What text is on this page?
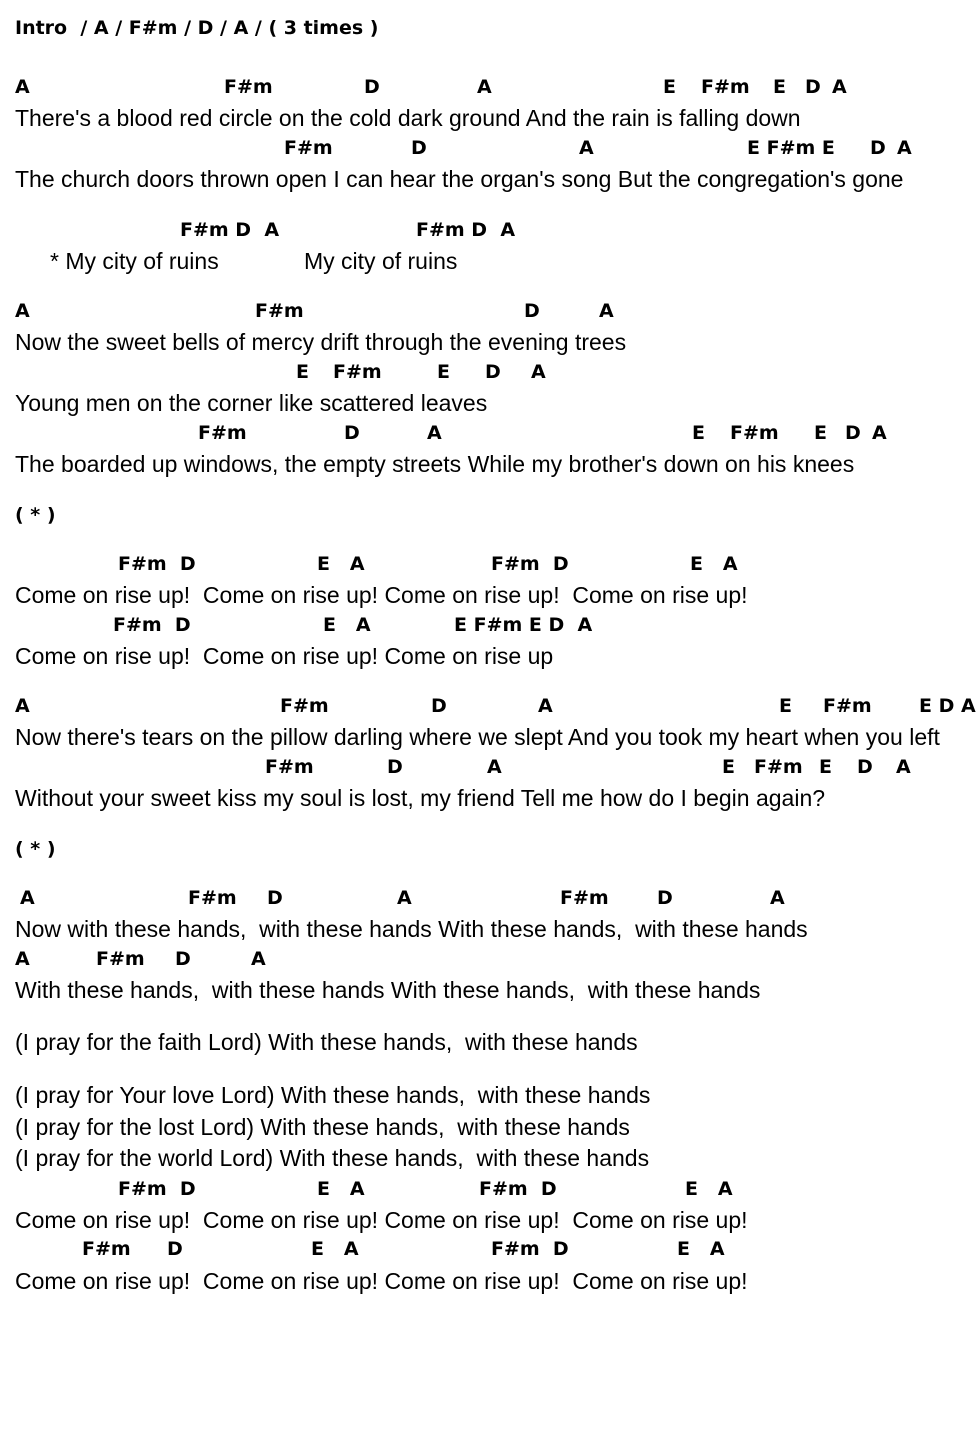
Intro  / A / F#m / D / A / ( 3 times )
A	F#m	D	A	E F#m E D A
There's a blood red circle on the cold dark ground And the rain is falling down
F#m	D	A	E F#m E D A
The church doors thrown open I can hear the organ's song But the congregation's gone
F#m D  A	F#m D  A
* My city of ruins	My city of ruins
A	F#m	D	A
Now the sweet bells of mercy drift through the evening trees
E F#m	E D A
Young men on the corner like scattered leaves
F#m	D	A	E F#m E D A
The boarded up windows, the empty streets While my brother's down on his knees
( * )
F#m  D	E   A	F#m  D	E   A
Come on rise up!  Come on rise up! Come on rise up!  Come on rise up!
F#m  D	E   A	E F#m E D  A
Come on rise up!  Come on rise up! Come on rise up
A	F#m	D	A	E F#m E D A
Now there's tears on the pillow darling where we slept And you took my heart when you left
F#m	D	A	E F#m E D A
Without your sweet kiss my soul is lost, my friend Tell me how do I begin again?
( * )
A	F#m D	A	F#m	D	A
Now with these hands,  with these hands With these hands,  with these hands
A	F#m D	A
With these hands,  with these hands With these hands,  with these hands
(I pray for the faith Lord) With these hands,  with these hands
(I pray for Your love Lord) With these hands,  with these hands
(I pray for the lost Lord) With these hands,  with these hands
(I pray for the world Lord) With these hands,  with these hands
F#m  D	E   A	F#m  D	E   A
Come on rise up!  Come on rise up! Come on rise up!  Come on rise up!
F#m D	E   A	F#m  D	E   A
Come on rise up!  Come on rise up! Come on rise up!  Come on rise up!
